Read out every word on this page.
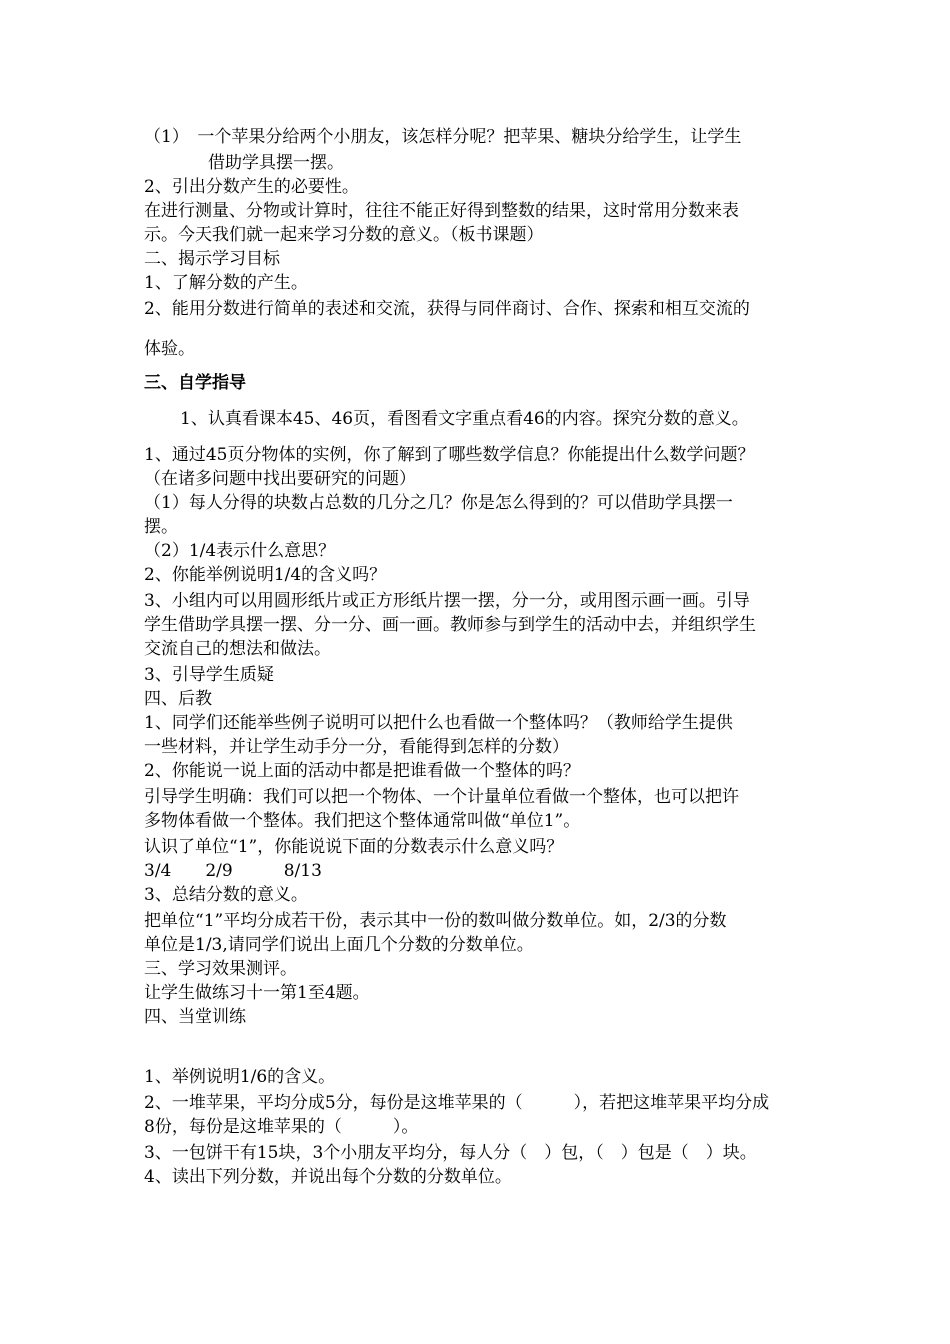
（1）　一个苹果分给两个小朋友，该怎样分呢？把苹果、糖块分给学生，让学生
借助学具摆一摆。
2、引出分数产生的必要性。
在进行测量、分物或计算时，往往不能正好得到整数的结果，这时常用分数来表
示。今天我们就一起来学习分数的意义。（板书课题）
二、揭示学习目标
1、了解分数的产生。
2、能用分数进行简单的表述和交流，获得与同伴商讨、合作、探索和相互交流的
体验。
三、自学指导
1、认真看课本45、46页，看图看文字重点看46的内容。探究分数的意义。
1、通过45页分物体的实例，你了解到了哪些数学信息？你能提出什么数学问题？
（在诸多问题中找出要研究的问题）
（1）每人分得的块数占总数的几分之几？你是怎么得到的？可以借助学具摆一
摆。
（2）1/4表示什么意思？
2、你能举例说明1/4的含义吗？
3、小组内可以用圆形纸片或正方形纸片摆一摆，分一分，或用图示画一画。引导
学生借助学具摆一摆、分一分、画一画。教师参与到学生的活动中去，并组织学生
交流自己的想法和做法。
3、引导学生质疑
四、后教
1、同学们还能举些例子说明可以把什么也看做一个整体吗？（教师给学生提供
一些材料，并让学生动手分一分，看能得到怎样的分数）
2、你能说一说上面的活动中都是把谁看做一个整体的吗？
引导学生明确：我们可以把一个物体、一个计量单位看做一个整体，也可以把许
多物体看做一个整体。我们把这个整体通常叫做“单位1”。
认识了单位“1”，你能说说下面的分数表示什么意义吗？
3/4　　2/9　　　8/13
3、总结分数的意义。
把单位“1”平均分成若干份，表示其中一份的数叫做分数单位。如，2/3的分数
单位是1/3,请同学们说出上面几个分数的分数单位。
三、学习效果测评。
让学生做练习十一第1至4题。
四、当堂训练
1、举例说明1/6的含义。
2、一堆苹果，平均分成5分，每份是这堆苹果的（　　　），若把这堆苹果平均分成
8份，每份是这堆苹果的（　　　）。
3、一包饼干有15块，3个小朋友平均分，每人分（　）包，（　）包是（　）块。
4、读出下列分数，并说出每个分数的分数单位。
